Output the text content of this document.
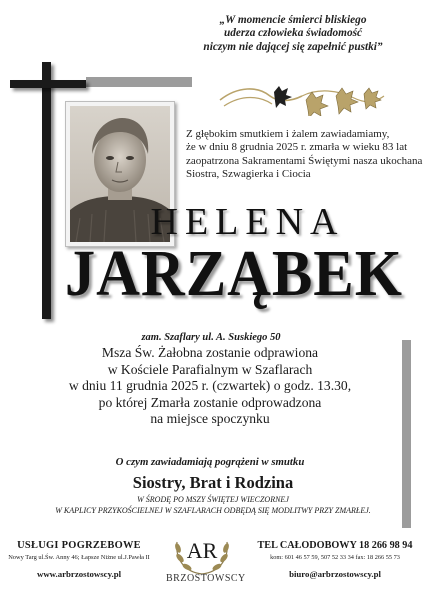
„W momencie śmierci bliskiego
uderza człowieka świadomość
niczym nie dającej się zapełnić pustki”
Z głębokim smutkiem i żalem zawiadamiamy,
że w dniu 8 grudnia 2025 r. zmarła w wieku 83 lat
zaopatrzona Sakramentami Świętymi nasza ukochana
Siostra, Szwagierka i Ciocia
HELENA
JARZĄBEK
zam. Szaflary ul. A. Suskiego 50
Msza Św. Żałobna zostanie odprawiona
w Kościele Parafialnym w Szaflarach
w dniu 11 grudnia 2025 r. (czwartek) o godz. 13.30,
po której Zmarła zostanie odprowadzona
na miejsce spoczynku
O czym zawiadamiają pogrążeni w smutku
Siostry, Brat i Rodzina
W ŚRODĘ PO MSZY ŚWIĘTEJ WIECZORNEJ
W KAPLICY PRZYKOŚCIELNEJ W SZAFLARACH ODBĘDĄ SIĘ MODLITWY PRZY ZMARŁEJ.
USŁUGI POGRZEBOWE
Nowy Targ ul.Św. Anny 46; Łapsze Niżne ul.J.Pawła II
www.arbrzostowscy.pl
AR
BRZOSTOWSCY
TEL CAŁODOBOWY 18 266 98 94
kom: 601 46 57 59, 507 52 33 34 fax: 18 266 55 73
biuro@arbrzostowscy.pl
